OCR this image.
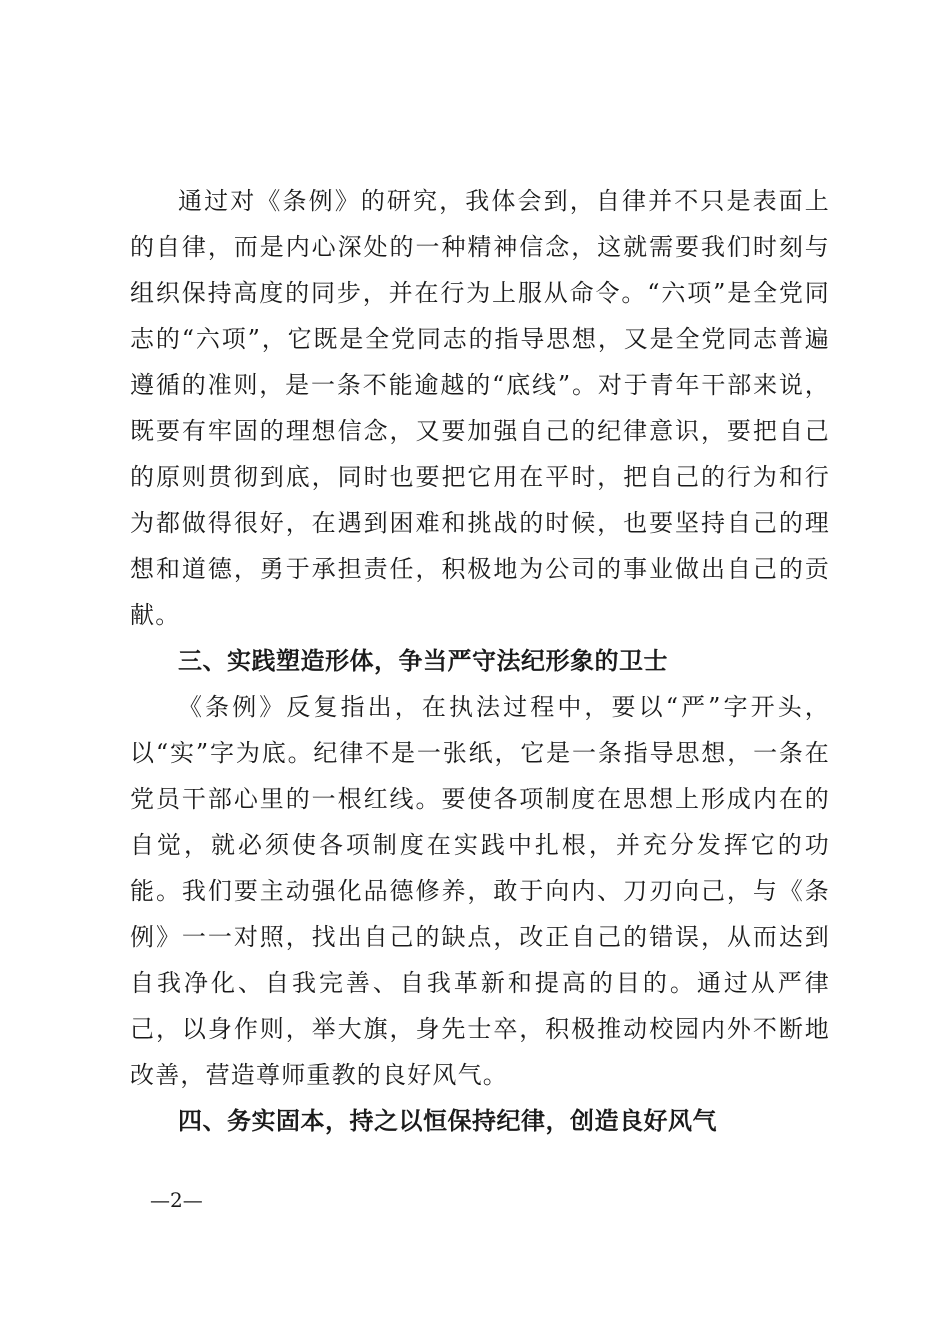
通过对《条例》的研究，我体会到，自律并不只是表面上的自律，而是内心深处的一种精神信念，这就需要我们时刻与组织保持高度的同步，并在行为上服从命令。“六项”是全党同志的“六项”，它既是全党同志的指导思想，又是全党同志普遍遵循的准则，是一条不能逾越的“底线”。对于青年干部来说，既要有牢固的理想信念，又要加强自己的纪律意识，要把自己的原则贯彻到底，同时也要把它用在平时，把自己的行为和行为都做得很好，在遇到困难和挑战的时候，也要坚持自己的理想和道德，勇于承担责任，积极地为公司的事业做出自己的贡献。

三、实践塑造形体，争当严守法纪形象的卫士

《条例》反复指出，在执法过程中，要以“严”字开头，以“实”字为底。纪律不是一张纸，它是一条指导思想，一条在党员干部心里的一根红线。要使各项制度在思想上形成内在的自觉，就必须使各项制度在实践中扎根，并充分发挥它的功能。我们要主动强化品德修养，敢于向内、刀刃向己，与《条例》一一对照，找出自己的缺点，改正自己的错误，从而达到自我净化、自我完善、自我革新和提高的目的。通过从严律己，以身作则，举大旗，身先士卒，积极推动校园内外不断地改善，营造尊师重教的良好风气。

四、务实固本，持之以恒保持纪律，创造良好风气

—2—
